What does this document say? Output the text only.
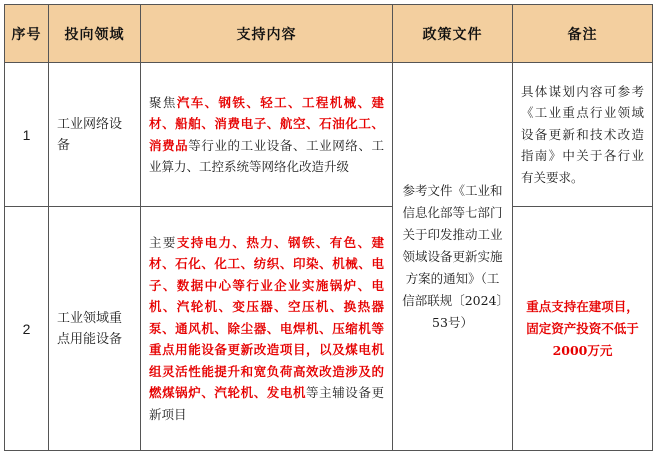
序号	投向领域	支持内容	政策文件	备注
1	工业网络设备	聚焦汽车、钢铁、轻工、工程机械、建材、船舶、消费电子、航空、石油化工、消费品等行业的工业设备、工业网络、工业算力、工控系统等网络化改造升级	参考文件《工业和信息化部等七部门关于印发推动工业领域设备更新实施方案的通知》（工信部联规〔2024〕53号）	具体谋划内容可参考《工业重点行业领域设备更新和技术改造指南》中关于各行业有关要求。
2	工业领域重点用能设备	主要支持电力、热力、钢铁、有色、建材、石化、化工、纺织、印染、机械、电子、数据中心等行业企业实施锅炉、电机、汽轮机、变压器、空压机、换热器泵、通风机、除尘器、电焊机、压缩机等重点用能设备更新改造项目，以及煤电机组灵活性能提升和宽负荷高效改造涉及的燃煤锅炉、汽轮机、发电机等主辅设备更新项目		重点支持在建项目，固定资产投资不低于2000万元
